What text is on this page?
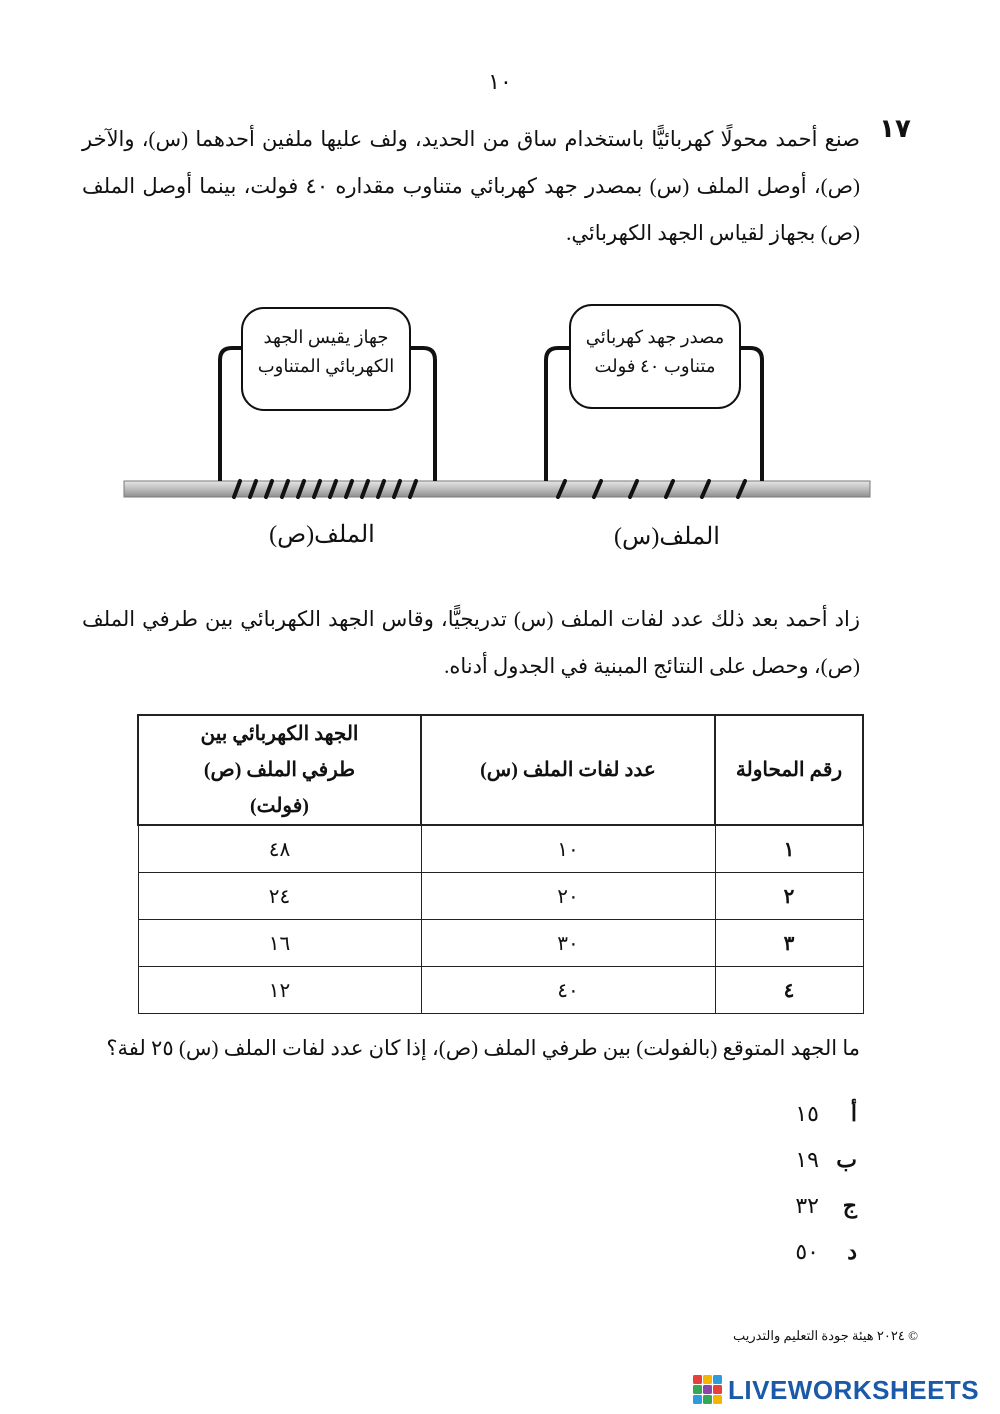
١٠
١٧

صنع أحمد محولًا كهربائيًّا باستخدام ساق من الحديد، ولف عليها ملفين أحدهما (س)، والآخر (ص)، أوصل الملف (س) بمصدر جهد كهربائي متناوب مقداره ٤٠ فولت، بينما أوصل الملف (ص) بجهاز لقياس الجهد الكهربائي.

جهاز يقيس الجهد
الكهربائي المتناوب
مصدر جهد كهربائي
متناوب ٤٠ فولت
الملف(ص)	الملف(س)

زاد أحمد بعد ذلك عدد لفات الملف (س) تدريجيًّا، وقاس الجهد الكهربائي بين طرفي الملف (ص)، وحصل على النتائج المبنية في الجدول أدناه.

رقم المحاولة	عدد لفات الملف (س)	الجهد الكهربائي بين طرفي الملف (ص) (فولت)
١	١٠	٤٨
٢	٢٠	٢٤
٣	٣٠	١٦
٤	٤٠	١٢

ما الجهد المتوقع (بالفولت) بين طرفي الملف (ص)، إذا كان عدد لفات الملف (س) ٢٥ لفة؟

أ
١٥
ب
١٩
ج
٣٢
د
٥٠
© ٢٠٢٤ هيئة جودة التعليم والتدريب
LIVEWORKSHEETS
